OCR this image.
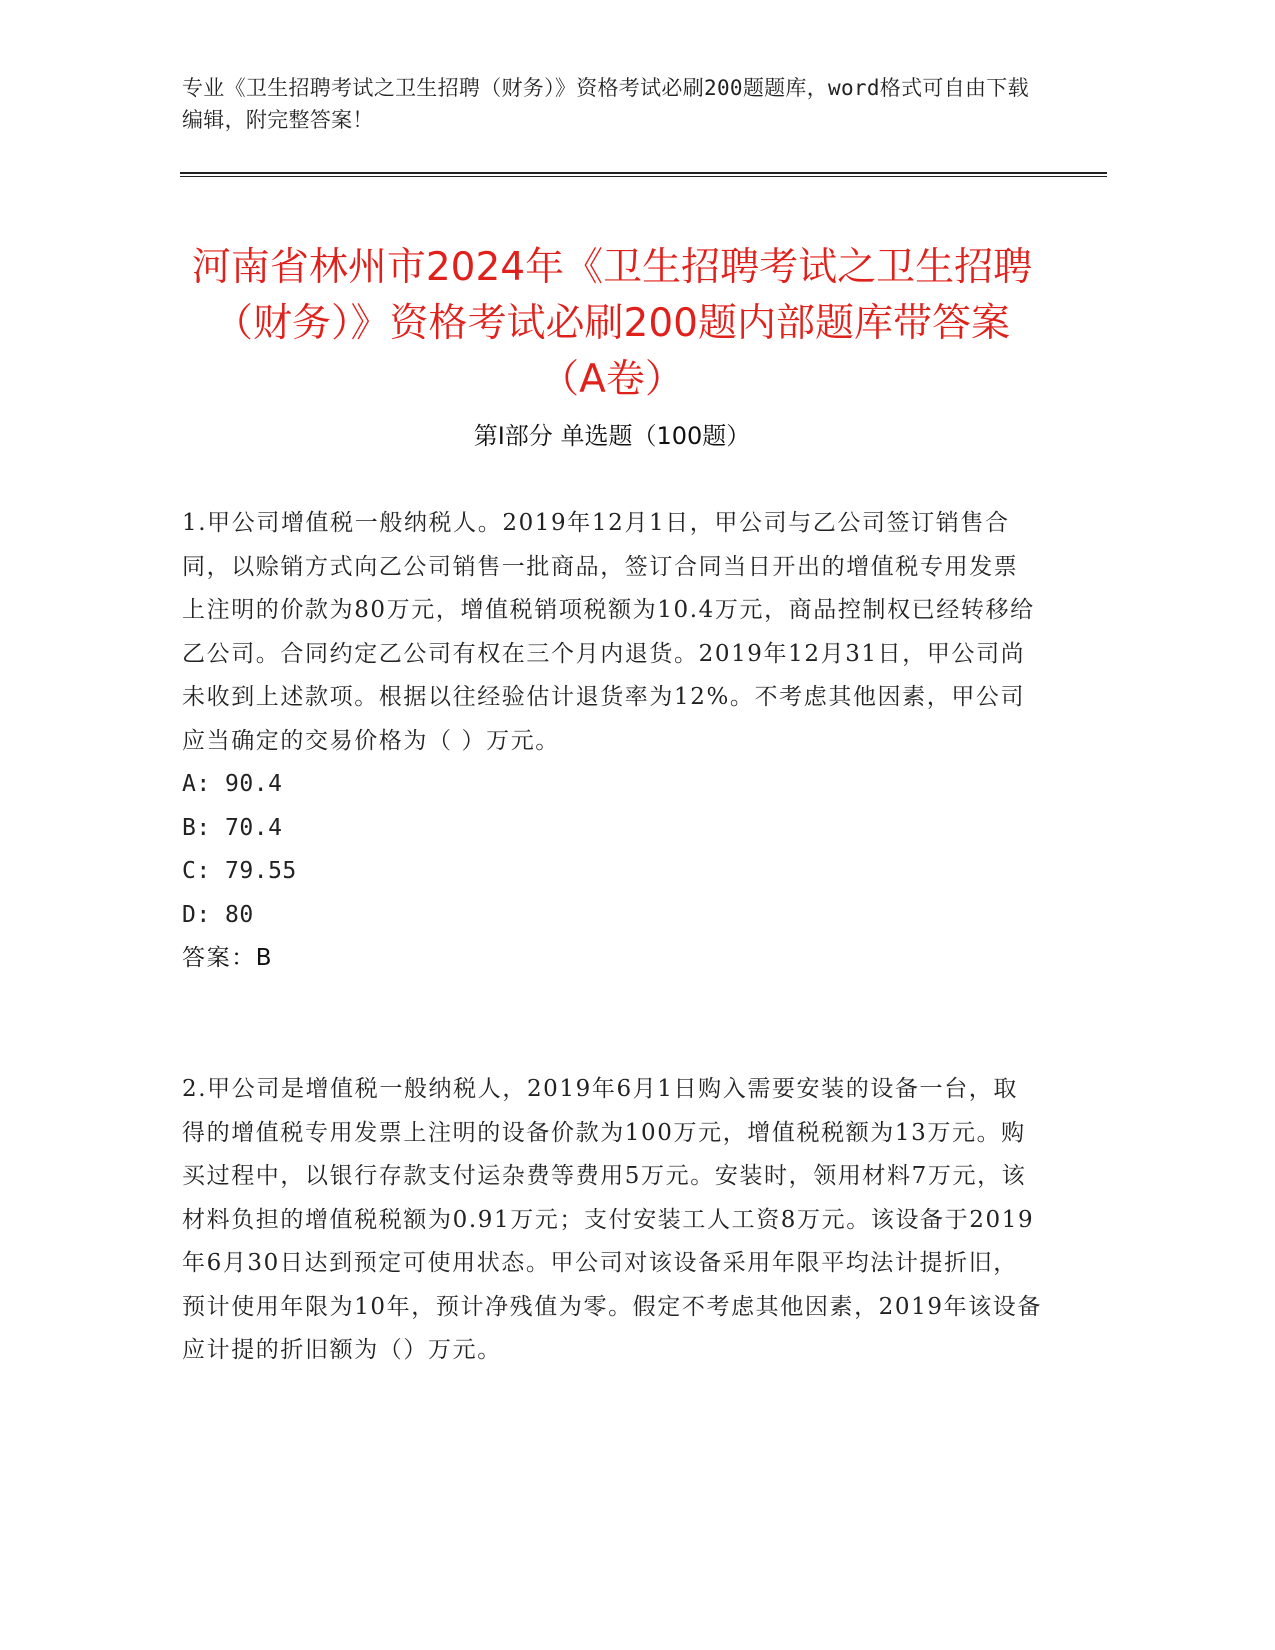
专业《卫生招聘考试之卫生招聘（财务）》资格考试必刷200题题库，word格式可自由下载编辑，附完整答案！
河南省林州市2024年《卫生招聘考试之卫生招聘（财务）》资格考试必刷200题内部题库带答案（A卷）
第Ⅰ部分 单选题（100题）

1.甲公司增值税一般纳税人。2019年12月1日，甲公司与乙公司签订销售合同，以赊销方式向乙公司销售一批商品，签订合同当日开出的增值税专用发票上注明的价款为80万元，增值税销项税额为10.4万元，商品控制权已经转移给乙公司。合同约定乙公司有权在三个月内退货。2019年12月31日，甲公司尚未收到上述款项。根据以往经验估计退货率为12%。不考虑其他因素，甲公司应当确定的交易价格为（ ）万元。

A: 90.4

B: 70.4

C: 79.55

D: 80

答案：B

2.甲公司是增值税一般纳税人，2019年6月1日购入需要安装的设备一台，取得的增值税专用发票上注明的设备价款为100万元，增值税税额为13万元。购买过程中，以银行存款支付运杂费等费用5万元。安装时，领用材料7万元，该材料负担的增值税税额为0.91万元；支付安装工人工资8万元。该设备于2019年6月30日达到预定可使用状态。甲公司对该设备采用年限平均法计提折旧，预计使用年限为10年，预计净残值为零。假定不考虑其他因素，2019年该设备应计提的折旧额为（）万元。
